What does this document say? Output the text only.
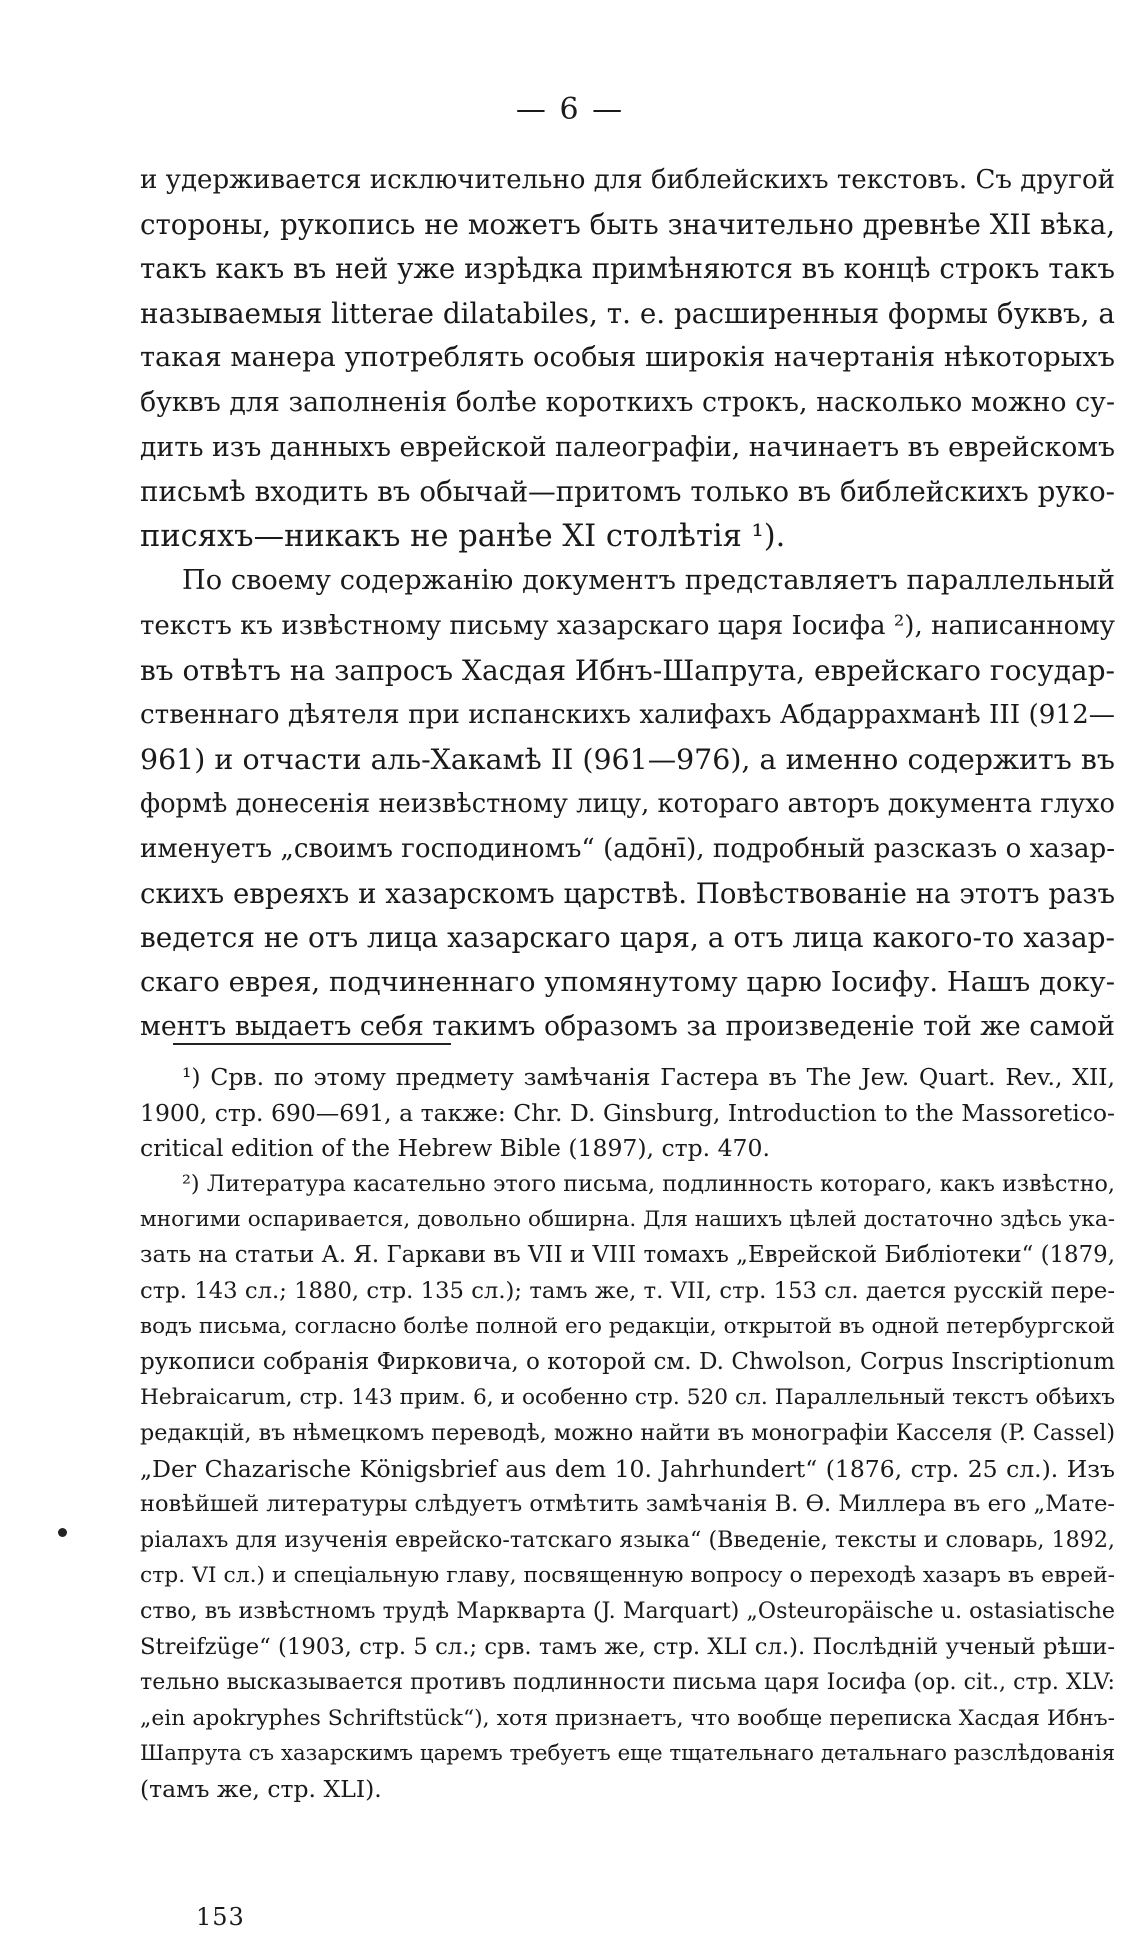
— 6 —
и удерживается исключительно для библейскихъ текстовъ. Съ другой
стороны, рукопись не можетъ быть значительно древнѣе XII вѣка,
такъ какъ въ ней уже изрѣдка примѣняются въ концѣ строкъ такъ
называемыя litterae dilatabiles, т. е. расширенныя формы буквъ, а
такая манера употреблять особыя широкія начертанія нѣкоторыхъ
буквъ для заполненія болѣе короткихъ строкъ, насколько можно су-
дить изъ данныхъ еврейской палеографіи, начинаетъ въ еврейскомъ
письмѣ входить въ обычай—притомъ только въ библейскихъ руко-
писяхъ—никакъ не ранѣе XI столѣтія ¹).
По своему содержанію документъ представляетъ параллельный
текстъ къ извѣстному письму хазарскаго царя Іосифа ²), написанному
въ отвѣтъ на запросъ Хасдая Ибнъ-Шапрута, еврейскаго государ-
ственнаго дѣятеля при испанскихъ халифахъ Абдаррахманѣ III (912—
961) и отчасти аль-Хакамѣ II (961—976), а именно содержитъ въ
формѣ донесенія неизвѣстному лицу, котораго авторъ документа глухо
именуетъ „своимъ господиномъ“ (адōнī), подробный разсказъ о хазар-
скихъ евреяхъ и хазарскомъ царствѣ. Повѣствованіе на этотъ разъ
ведется не отъ лица хазарскаго царя, а отъ лица какого-то хазар-
скаго еврея, подчиненнаго упомянутому царю Іосифу. Нашъ доку-
ментъ выдаетъ себя такимъ образомъ за произведеніе той же самой
¹) Срв. по этому предмету замѣчанія Гастера въ The Jew. Quart. Rev., XII,
1900, стр. 690—691, а также: Chr. D. Ginsburg, Introduction to the Massoretico-
critical edition of the Hebrew Bible (1897), стр. 470.
²) Литература касательно этого письма, подлинность котораго, какъ извѣстно,
многими оспаривается, довольно обширна. Для нашихъ цѣлей достаточно здѣсь ука-
зать на статьи А. Я. Гаркави въ VII и VIII томахъ „Еврейской Библіотеки“ (1879,
стр. 143 сл.; 1880, стр. 135 сл.); тамъ же, т. VII, стр. 153 сл. дается русскій пере-
водъ письма, согласно болѣе полной его редакціи, открытой въ одной петербургской
рукописи собранія Фирковича, о которой см. D. Chwolson, Corpus Inscriptionum
Hebraicarum, стр. 143 прим. 6, и особенно стр. 520 сл. Параллельный текстъ обѣихъ
редакцій, въ нѣмецкомъ переводѣ, можно найти въ монографіи Касселя (P. Cassel)
„Der Chazarische Königsbrief aus dem 10. Jahrhundert“ (1876, стр. 25 сл.). Изъ
новѣйшей литературы слѣдуетъ отмѣтить замѣчанія В. Ѳ. Миллера въ его „Мате-
ріалахъ для изученія еврейско-татскаго языка“ (Введеніе, тексты и словарь, 1892,
стр. VI сл.) и спеціальную главу, посвященную вопросу о переходѣ хазаръ въ еврей-
ство, въ извѣстномъ трудѣ Маркварта (J. Marquart) „Osteuropäische u. ostasiatische
Streifzüge“ (1903, стр. 5 сл.; срв. тамъ же, стр. XLI сл.). Послѣдній ученый рѣши-
тельно высказывается противъ подлинности письма царя Іосифа (op. cit., стр. XLV:
„ein apokryphes Schriftstück“), хотя признаетъ, что вообще переписка Хасдая Ибнъ-
Шапрута съ хазарскимъ царемъ требуетъ еще тщательнаго детальнаго разслѣдованія
(тамъ же, стр. XLI).
153
